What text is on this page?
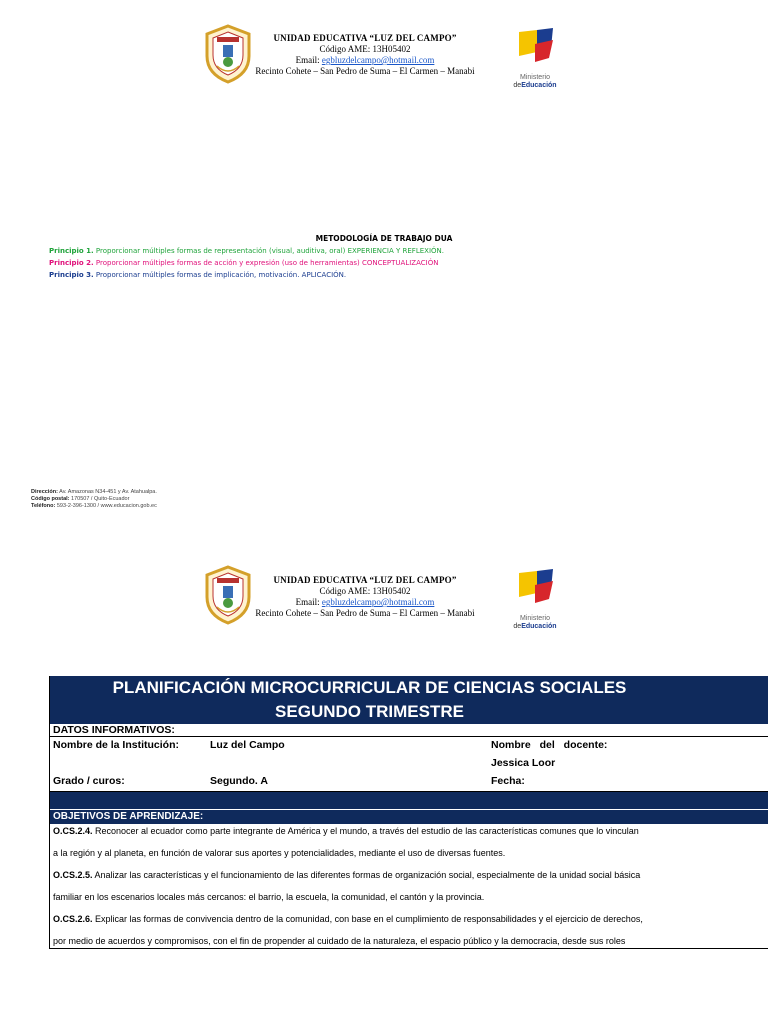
UNIDAD EDUCATIVA “LUZ DEL CAMPO”
Código AME: 13H05402
Email: egbluzdelcampo@hotmail.com
Recinto Cohete – San Pedro de Suma – El Carmen – Manabi
Ministerio
deEducación
METODOLOGÍA DE TRABAJO DUA
Principio 1. Proporcionar múltiples formas de representación (visual, auditiva, oral) EXPERIENCIA Y REFLEXIÓN.
Principio 2. Proporcionar múltiples formas de acción y expresión (uso de herramientas) CONCEPTUALIZACIÓN
Principio 3. Proporcionar múltiples formas de implicación, motivación. APLICACIÓN.
Dirección: Av. Amazonas N34-451 y Av. Atahualpa.
Código postal: 170507 / Quito-Ecuador
Teléfono: 593-2-396-1300 / www.educacion.gob.ec
UNIDAD EDUCATIVA “LUZ DEL CAMPO”
Código AME: 13H05402
Email: egbluzdelcampo@hotmail.com
Recinto Cohete – San Pedro de Suma – El Carmen – Manabi
Ministerio
deEducación
PLANIFICACIÓN MICROCURRICULAR DE CIENCIAS SOCIALES
SEGUNDO TRIMESTRE
DATOS INFORMATIVOS:
Nombre de la Institución:	Luz del Campo	Nombre del docente:
Jessica Loor
Grado / curos:	Segundo. A	Fecha:
OBJETIVOS DE APRENDIZAJE:
O.CS.2.4. Reconocer al ecuador como parte integrante de América y el mundo, a través del estudio de las características comunes que lo vinculan
a la región y al planeta, en función de valorar sus aportes y potencialidades, mediante el uso de diversas fuentes.
O.CS.2.5. Analizar las características y el funcionamiento de las diferentes formas de organización social, especialmente de la unidad social básica
familiar en los escenarios locales más cercanos: el barrio, la escuela, la comunidad, el cantón y la provincia.
O.CS.2.6. Explicar las formas de convivencia dentro de la comunidad, con base en el cumplimiento de responsabilidades y el ejercicio de derechos,
por medio de acuerdos y compromisos, con el fin de propender al cuidado de la naturaleza, el espacio público y la democracia, desde sus roles
